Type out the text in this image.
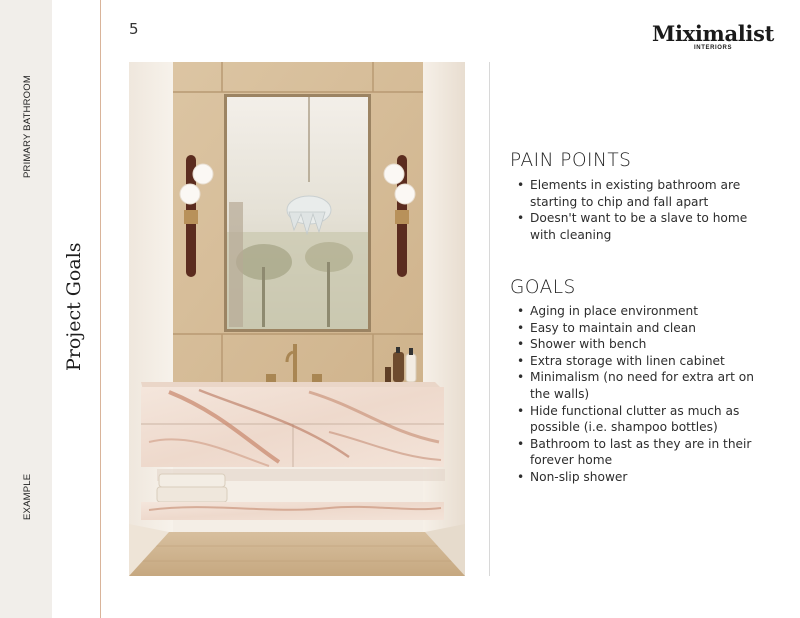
PRIMARY BATHROOM
EXAMPLE
Project Goals
5	Miximalist
INTERIORS
PAIN POINTS
• Elements in existing bathroom are starting to chip and fall apart
• Doesn't want to be a slave to home with cleaning
GOALS
• Aging in place environment
• Easy to maintain and clean
• Shower with bench
• Extra storage with linen cabinet
• Minimalism (no need for extra art on the walls)
• Hide functional clutter as much as possible (i.e. shampoo bottles)
• Bathroom to last as they are in their forever home
• Non-slip shower
